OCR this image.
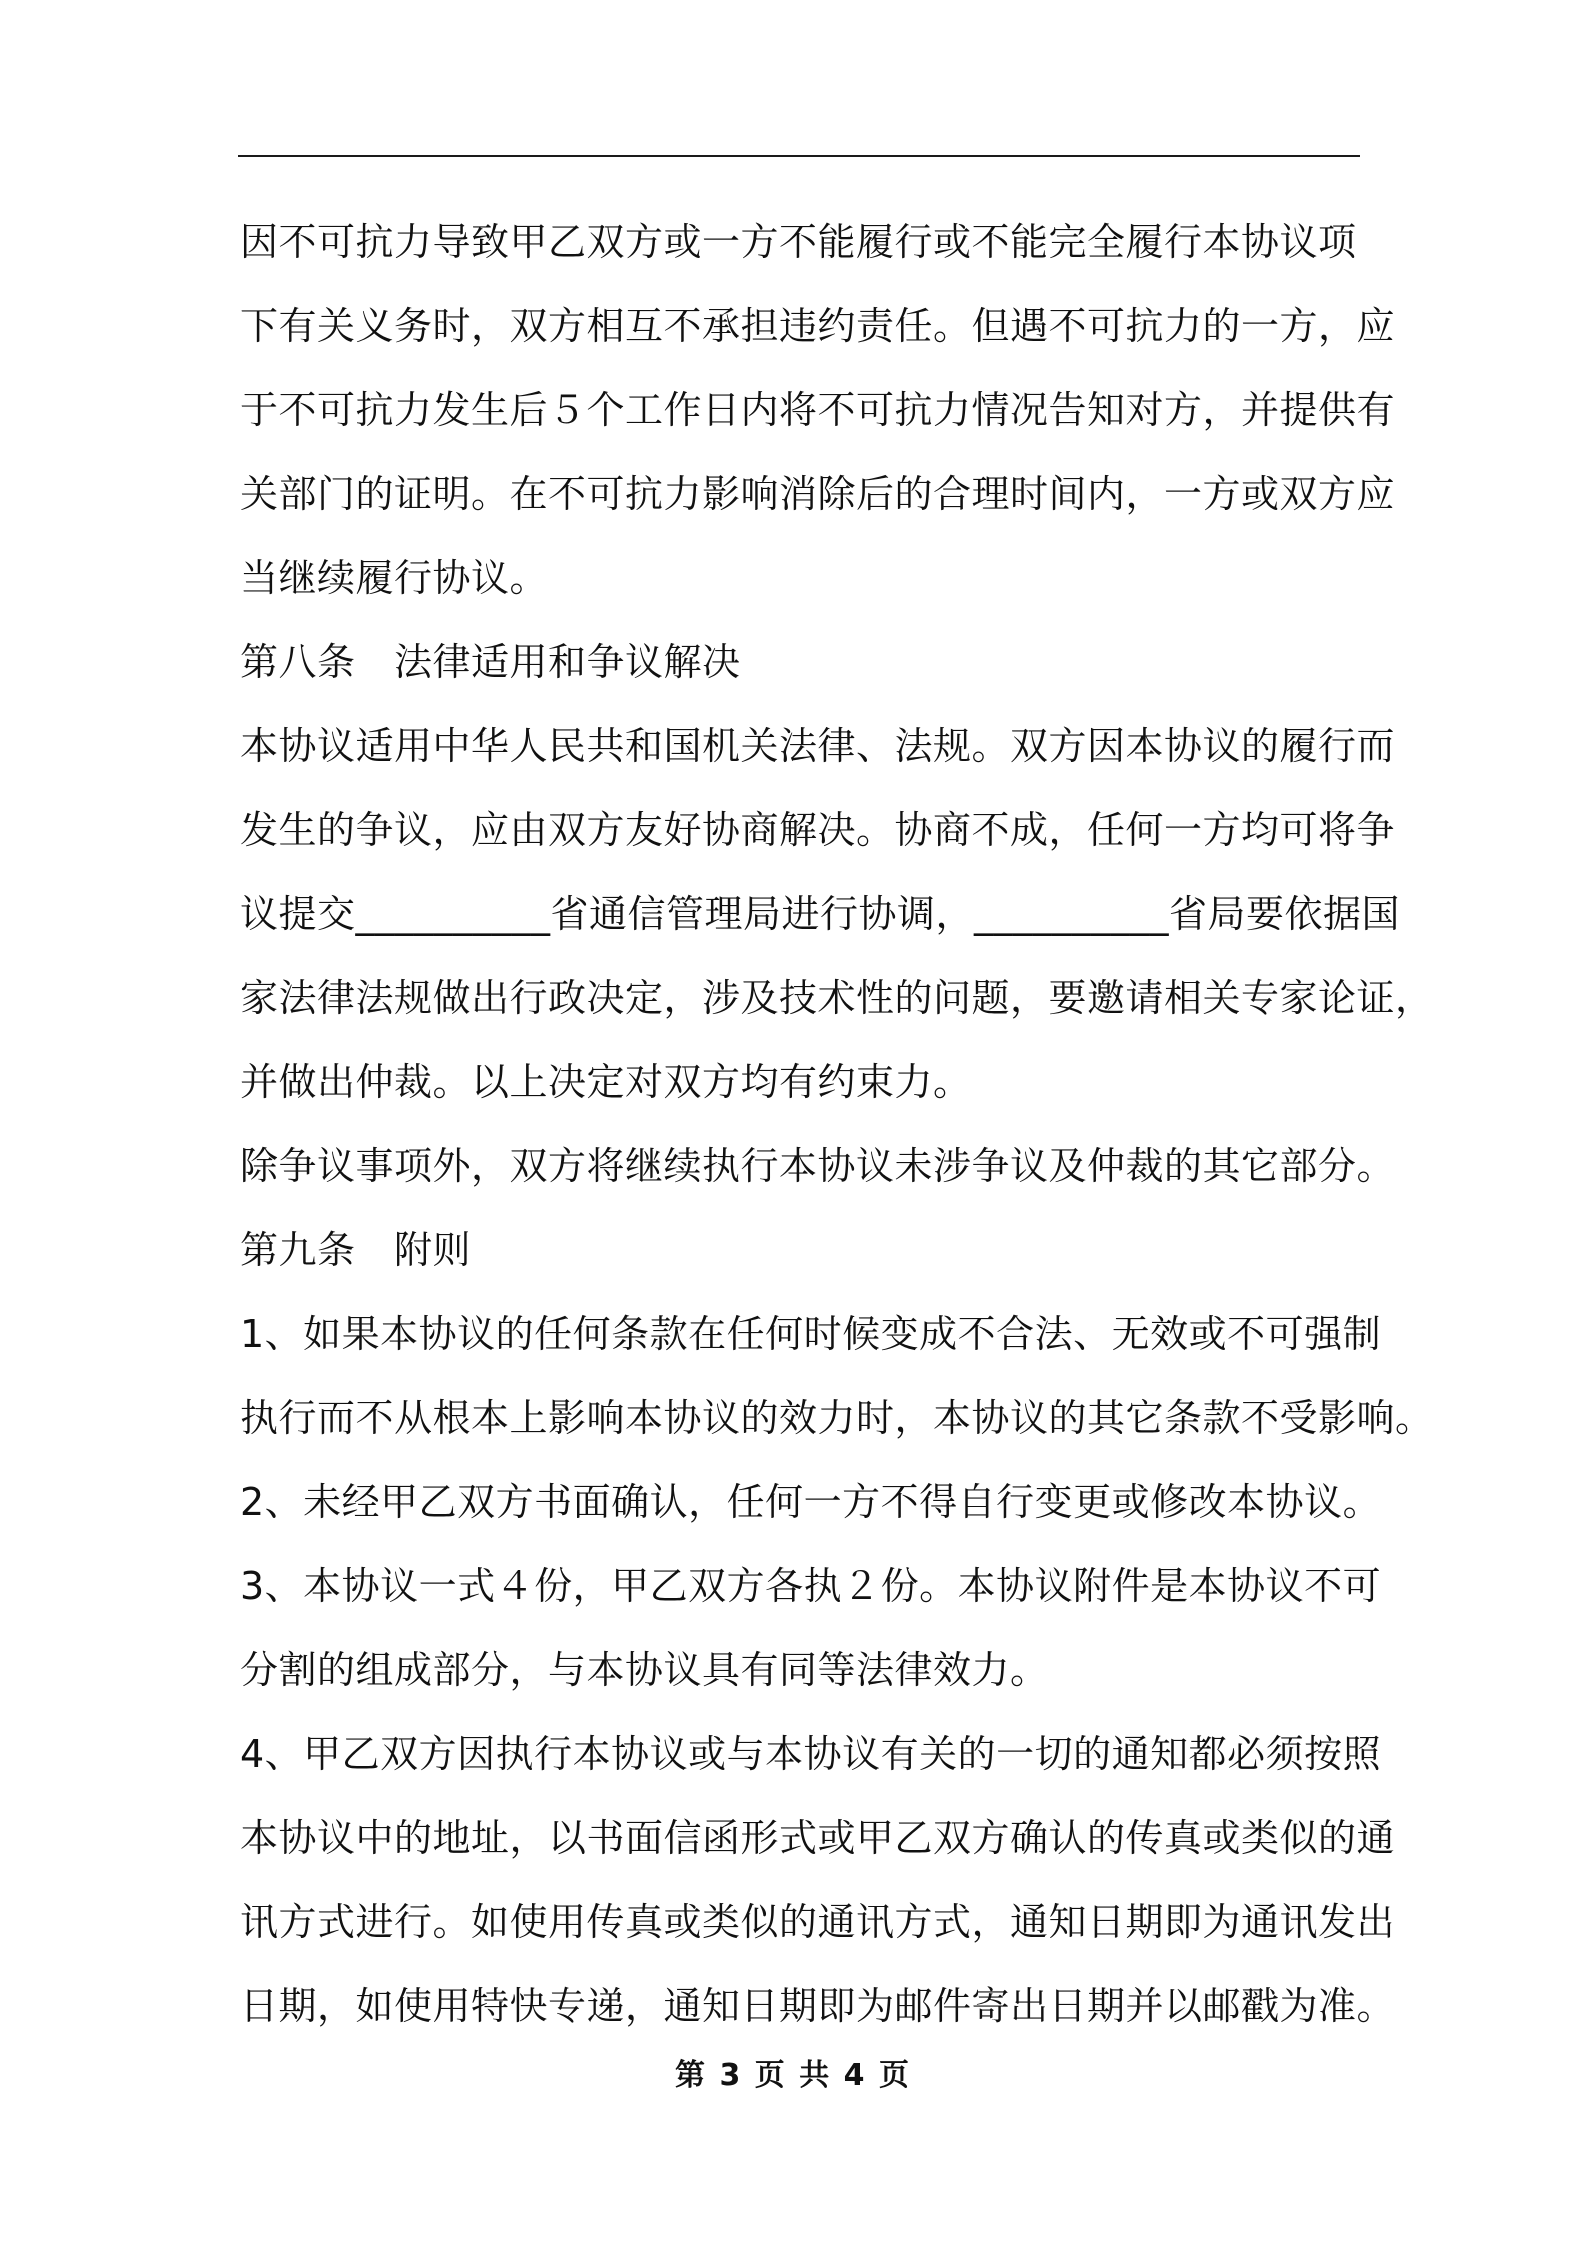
因不可抗力导致甲乙双方或一方不能履行或不能完全履行本协议项
下有关义务时，双方相互不承担违约责任。但遇不可抗力的一方，应
于不可抗力发生后５个工作日内将不可抗力情况告知对方，并提供有
关部门的证明。在不可抗力影响消除后的合理时间内，一方或双方应
当继续履行协议。
第八条　法律适用和争议解决
本协议适用中华人民共和国机关法律、法规。双方因本协议的履行而
发生的争议，应由双方友好协商解决。协商不成，任何一方均可将争
议提交__________省通信管理局进行协调，__________省局要依据国
家法律法规做出行政决定，涉及技术性的问题，要邀请相关专家论证，
并做出仲裁。以上决定对双方均有约束力。
除争议事项外，双方将继续执行本协议未涉争议及仲裁的其它部分。
第九条　附则
1、如果本协议的任何条款在任何时候变成不合法、无效或不可强制
执行而不从根本上影响本协议的效力时，本协议的其它条款不受影响。
2、未经甲乙双方书面确认，任何一方不得自行变更或修改本协议。
3、本协议一式４份，甲乙双方各执２份。本协议附件是本协议不可
分割的组成部分，与本协议具有同等法律效力。
4、甲乙双方因执行本协议或与本协议有关的一切的通知都必须按照
本协议中的地址，以书面信函形式或甲乙双方确认的传真或类似的通
讯方式进行。如使用传真或类似的通讯方式，通知日期即为通讯发出
日期，如使用特快专递，通知日期即为邮件寄出日期并以邮戳为准。
第 3 页 共 4 页
